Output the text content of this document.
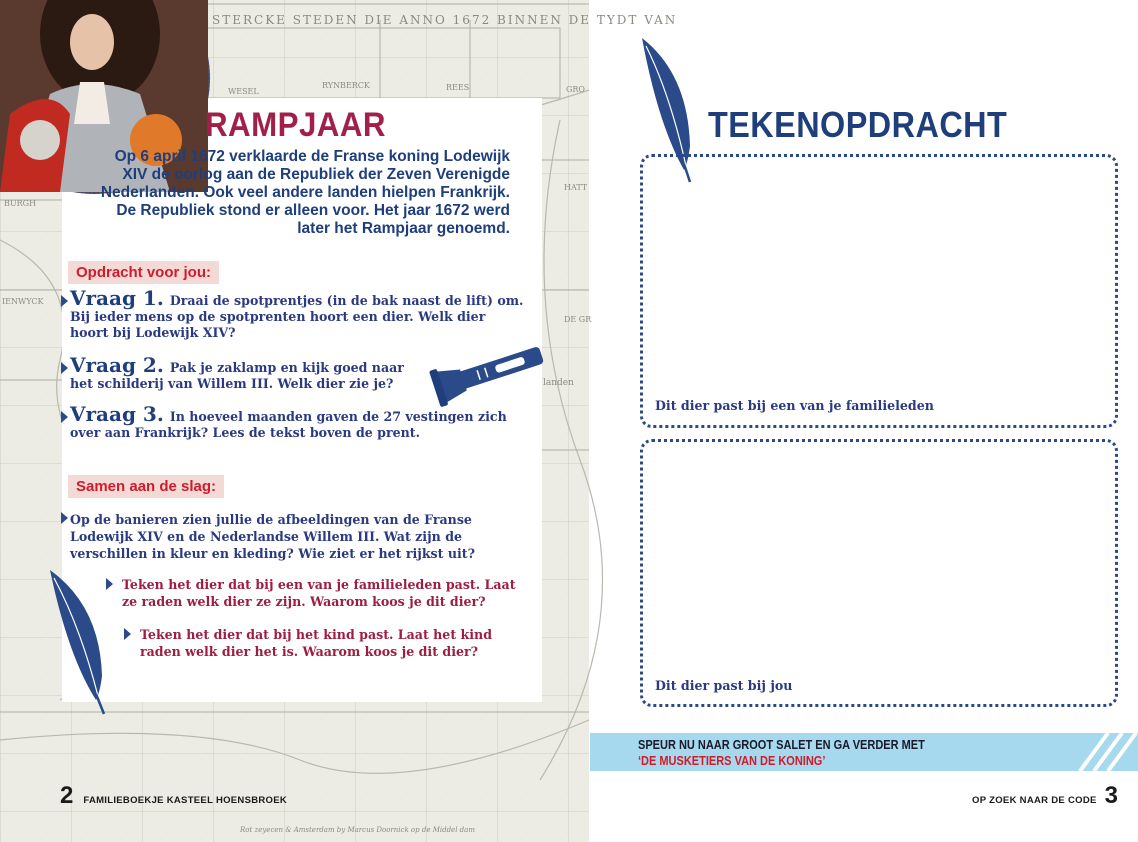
STERCKE STEDEN DIE ANNO 1672 BINNEN DE TYDT VAN
WESEL
RYNBERCK	REES	GRO
HATT
DE GR
landen
BURGH
IENWYCK
Rot zeyecen & Amsterdam by Marcus Doornick op de Middel dam
RAMPJAAR
Op 6 april 1672 verklaarde de Franse koning Lodewijk XIV de oorlog aan de Republiek der Zeven Verenigde Nederlanden. Ook veel andere landen hielpen Frankrijk. De Republiek stond er alleen voor. Het jaar 1672 werd later het Rampjaar genoemd.
Opdracht voor jou:
Vraag 1. Draai de spotprentjes (in de bak naast de lift) om. Bij ieder mens op de spotprenten hoort een dier. Welk dier hoort bij Lodewijk XIV?
Vraag 2. Pak je zaklamp en kijk goed naar het schilderij van Willem III. Welk dier zie je?
Vraag 3. In hoeveel maanden gaven de 27 vestingen zich over aan Frankrijk? Lees de tekst boven de prent.
Samen aan de slag:
Op de banieren zien jullie de afbeeldingen van de Franse Lodewijk XIV en de Nederlandse Willem III. Wat zijn de verschillen in kleur en kleding? Wie ziet er het rijkst uit?
Teken het dier dat bij een van je familieleden past. Laat ze raden welk dier ze zijn. Waarom koos je dit dier?
Teken het dier dat bij het kind past. Laat het kind raden welk dier het is. Waarom koos je dit dier?
2 FAMILIEBOEKJE KASTEEL HOENSBROEK
TEKENOPDRACHT
Dit dier past bij een van je familieleden
Dit dier past bij jou
SPEUR NU NAAR GROOT SALET EN GA VERDER MET
‘DE MUSKETIERS VAN DE KONING’
OP ZOEK NAAR DE CODE 3
